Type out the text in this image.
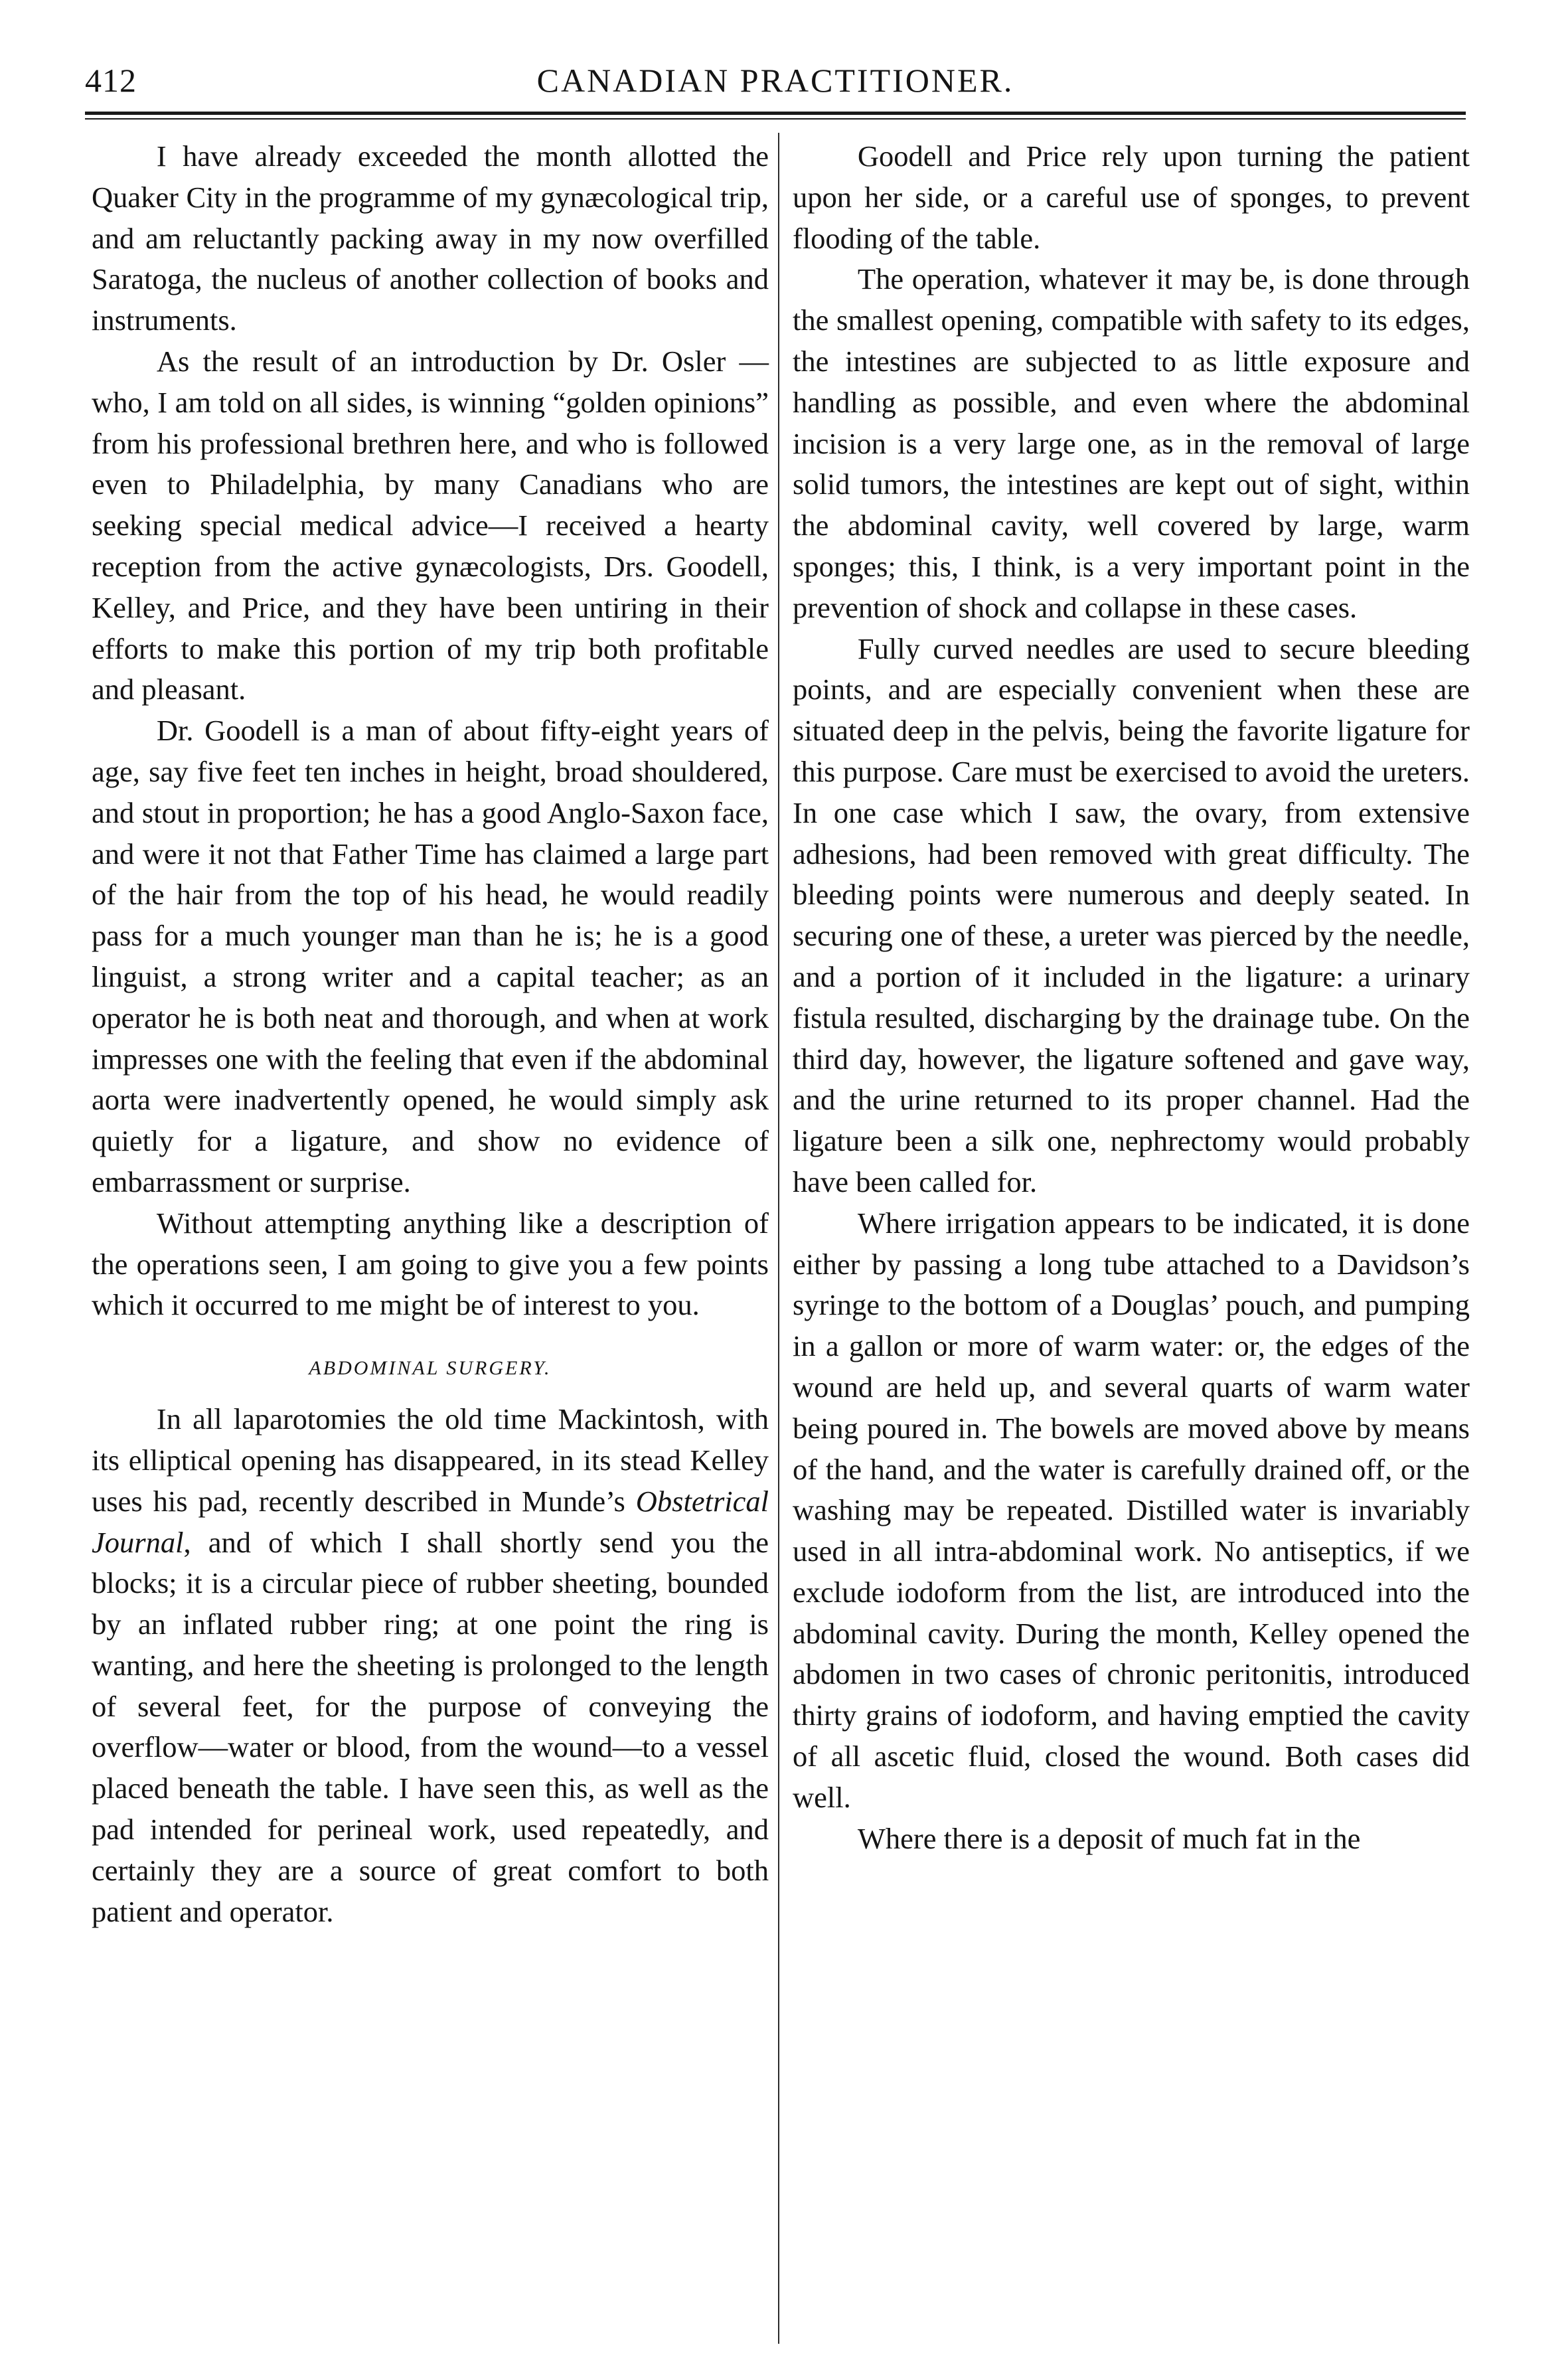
412	CANADIAN PRACTITIONER.

I have already exceeded the month allotted the Quaker City in the programme of my gynæcological trip, and am reluctantly packing away in my now overfilled Saratoga, the nucleus of another collection of books and instruments.

As the result of an introduction by Dr. Osler —who, I am told on all sides, is winning “golden opinions” from his professional brethren here, and who is followed even to Philadelphia, by many Canadians who are seeking special medical advice—I received a hearty reception from the active gynæcologists, Drs. Goodell, Kelley, and Price, and they have been untiring in their efforts to make this portion of my trip both profitable and pleasant.

Dr. Goodell is a man of about fifty-eight years of age, say five feet ten inches in height, broad shouldered, and stout in proportion; he has a good Anglo-Saxon face, and were it not that Father Time has claimed a large part of the hair from the top of his head, he would readily pass for a much younger man than he is; he is a good linguist, a strong writer and a capital teacher; as an operator he is both neat and thorough, and when at work impresses one with the feeling that even if the abdominal aorta were inadvertently opened, he would simply ask quietly for a ligature, and show no evidence of embarrassment or surprise.

Without attempting anything like a description of the operations seen, I am going to give you a few points which it occurred to me might be of interest to you.

ABDOMINAL SURGERY.

In all laparotomies the old time Mackintosh, with its elliptical opening has disappeared, in its stead Kelley uses his pad, recently described in Munde’s Obstetrical Journal, and of which I shall shortly send you the blocks; it is a circular piece of rubber sheeting, bounded by an inflated rubber ring; at one point the ring is wanting, and here the sheeting is prolonged to the length of several feet, for the purpose of conveying the overflow—water or blood, from the wound—to a vessel placed beneath the table. I have seen this, as well as the pad intended for perineal work, used repeatedly, and certainly they are a source of great comfort to both patient and operator.

Goodell and Price rely upon turning the patient upon her side, or a careful use of sponges, to prevent flooding of the table.

The operation, whatever it may be, is done through the smallest opening, compatible with safety to its edges, the intestines are subjected to as little exposure and handling as possible, and even where the abdominal incision is a very large one, as in the removal of large solid tumors, the intestines are kept out of sight, within the abdominal cavity, well covered by large, warm sponges; this, I think, is a very important point in the prevention of shock and collapse in these cases.

Fully curved needles are used to secure bleeding points, and are especially convenient when these are situated deep in the pelvis, being the favorite ligature for this purpose. Care must be exercised to avoid the ureters. In one case which I saw, the ovary, from extensive adhesions, had been removed with great difficulty. The bleeding points were numerous and deeply seated. In securing one of these, a ureter was pierced by the needle, and a portion of it included in the ligature: a urinary fistula resulted, discharging by the drainage tube. On the third day, however, the ligature softened and gave way, and the urine returned to its proper channel. Had the ligature been a silk one, nephrectomy would probably have been called for.

Where irrigation appears to be indicated, it is done either by passing a long tube attached to a Davidson’s syringe to the bottom of a Douglas’ pouch, and pumping in a gallon or more of warm water: or, the edges of the wound are held up, and several quarts of warm water being poured in. The bowels are moved above by means of the hand, and the water is carefully drained off, or the washing may be repeated. Distilled water is invariably used in all intra-abdominal work. No antiseptics, if we exclude iodoform from the list, are introduced into the abdominal cavity. During the month, Kelley opened the abdomen in two cases of chronic peritonitis, introduced thirty grains of iodoform, and having emptied the cavity of all ascetic fluid, closed the wound. Both cases did well.

Where there is a deposit of much fat in the
